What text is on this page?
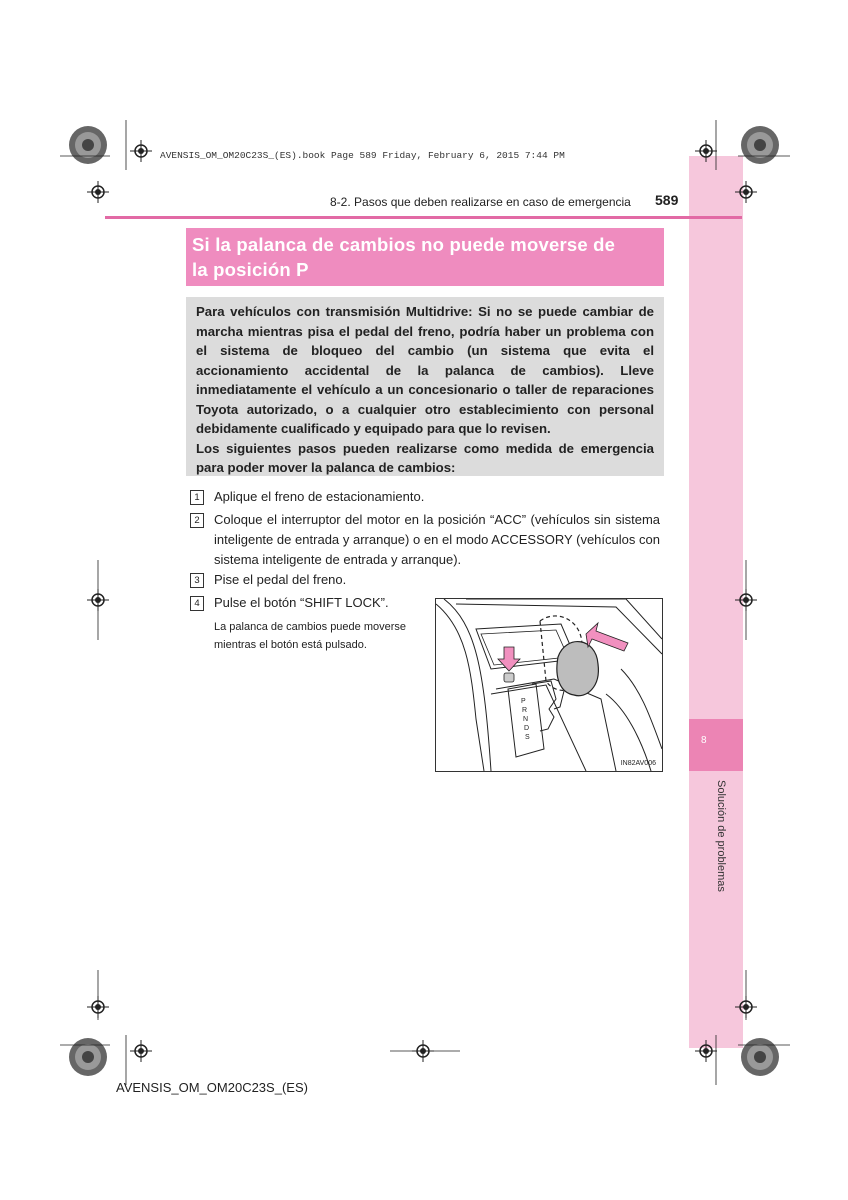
8
Solución de problemas
AVENSIS_OM_OM20C23S_(ES).book Page 589 Friday, February 6, 2015 7:44 PM
8-2. Pasos que deben realizarse en caso de emergencia 589
Si la palanca de cambios no puede moverse de
la posición P

Para vehículos con transmisión Multidrive: Si no se puede cambiar de marcha mientras pisa el pedal del freno, podría haber un problema con el sistema de bloqueo del cambio (un sistema que evita el accionamiento accidental de la palanca de cambios). Lleve inmediatamente el vehículo a un concesionario o taller de reparaciones Toyota autorizado, o a cualquier otro establecimiento con personal debidamente cualificado y equipado para que lo revisen.

Los siguientes pasos pueden realizarse como medida de emergencia para poder mover la palanca de cambios:

1	Aplique el freno de estacionamiento.
2	Coloque el interruptor del motor en la posición “ACC” (vehículos sin sistema inteligente de entrada y arranque) o en el modo ACCESSORY (vehículos con sistema inteligente de entrada y arranque).
3	Pise el pedal del freno.
4	Pulse el botón “SHIFT LOCK”.
La palanca de cambios puede moverse mientras el botón está pulsado.
P
R
N
D
S
IN82AV006
AVENSIS_OM_OM20C23S_(ES)
